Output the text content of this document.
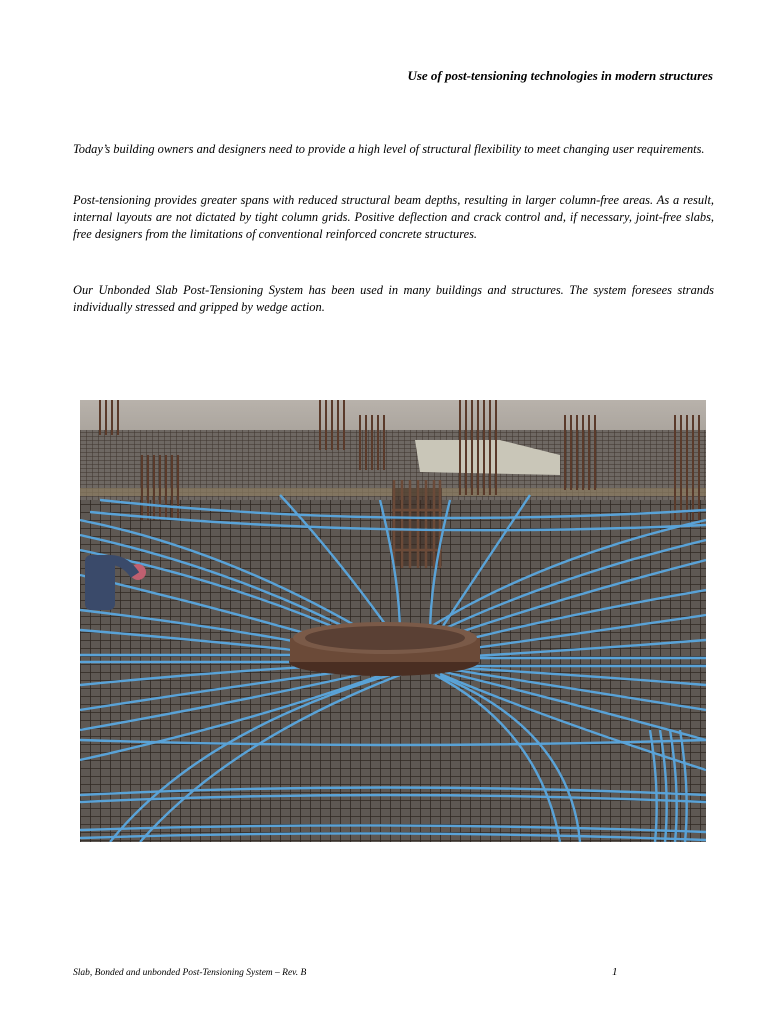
Use of post-tensioning technologies in modern structures

Today’s building owners and designers need to provide a high level of structural flexibility to meet changing user requirements.

Post-tensioning provides greater spans with reduced structural beam depths, resulting in larger column-free areas. As a result, internal layouts are not dictated by tight column grids. Positive deflection and crack control and, if necessary, joint-free slabs, free designers from the limitations of conventional reinforced concrete structures.

Our Unbonded Slab Post-Tensioning System has been used in many buildings and structures. The system foresees strands individually stressed and gripped by wedge action.

Slab, Bonded and unbonded Post-Tensioning System – Rev. B	1
